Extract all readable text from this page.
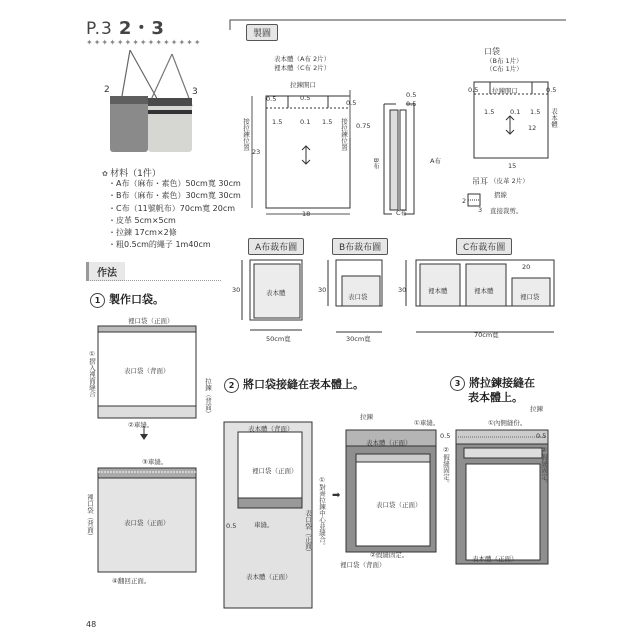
P.3 2・3
✦✦✦✦✦✦✦✦✦✦✦✦✦✦✦
2	3
✿ 材料（1件）
・A布（麻布・素色）50cm寬 30cm
・B布（麻布・素色）30cm寬 30cm
・C布（11號帆布）70cm寬 20cm
・皮革 5cm×5cm
・拉鍊 17cm×2條
・粗0.5cm的繩子 1m40cm
製圖
表本體（A布 2片）
裡本體（C布 2片）
拉鍊開口
0.5	0.5
0.5
1.5	0.1 1.5
接拉鍊位置	接拉鍊位置
23
18
0.5
0.5
0.75
B布	A布
C布
口袋
（B布 1片）
（C布 1片）
拉鍊開口
0.5	0.5
1.5 0.1 1.5
12
表本體
15
吊耳 （皮革 2片）
摺線
2
3 直接裁剪。
A布裁布圖	B布裁布圖	C布裁布圖
30	表本體
50cm寬
30
表口袋
30cm寬
30
20
裡本體	裡本體
裡口袋
70cm寬
作法
1 製作口袋。
裡口袋（正面）
表口袋（背面）
①摺入裡面縫合
拉鍊（背面）
②車縫。
③車縫。
裡口袋（背面）	表口袋（正面）
④翻回正面。
2 將口袋接縫在表本體上。
表本體（背面）
裡口袋（正面）
車縫。
0.5
表本體（正面）
①對齊拉鍊中心並縫合。
表口袋（正面）
➡
拉鍊
表本體（正面）
表口袋（正面）
①車縫。
0.5
②假縫固定。
②假縫固定。
裡口袋（背面）
3 將拉鍊接縫在
表本體上。
拉鍊
①內側縫份。
0.5
②假縫固定。
表本體（正面）
48
